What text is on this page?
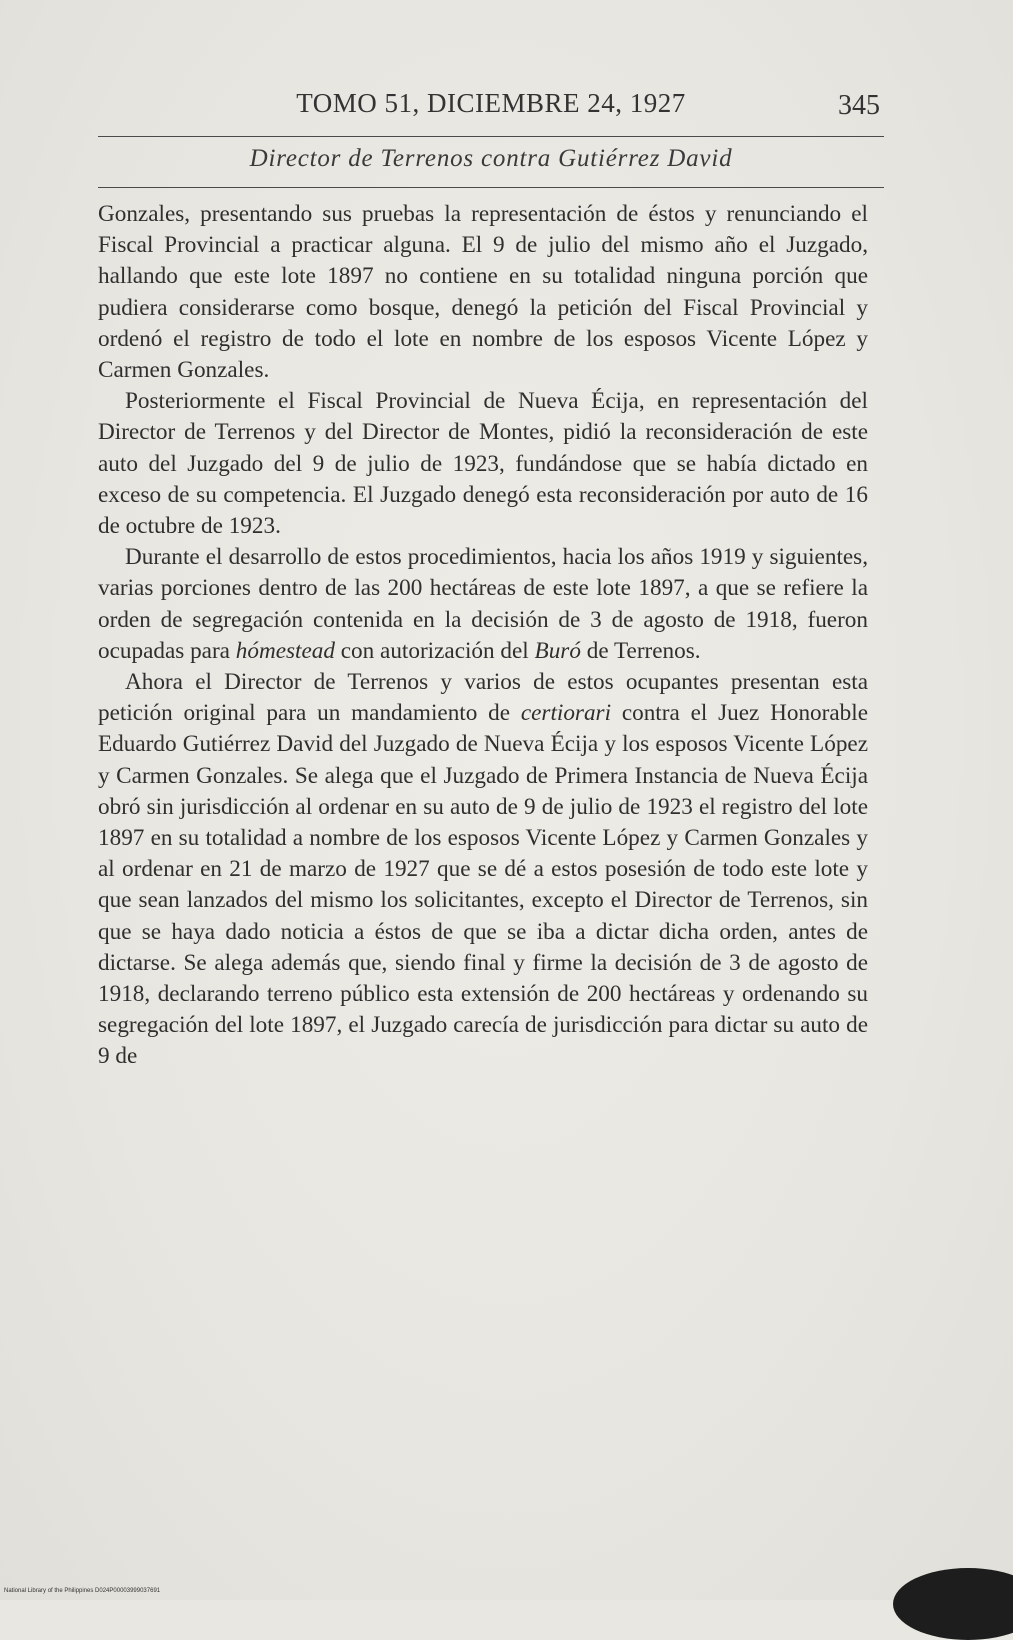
TOMO 51, DICIEMBRE 24, 1927	345
Director de Terrenos contra Gutiérrez David

Gonzales, presentando sus pruebas la representación de éstos y renunciando el Fiscal Provincial a practicar alguna. El 9 de julio del mismo año el Juzgado, hallando que este lote 1897 no contiene en su totalidad ninguna porción que pudiera considerarse como bosque, denegó la petición del Fiscal Provincial y ordenó el registro de todo el lote en nombre de los esposos Vicente López y Carmen Gonzales.

Posteriormente el Fiscal Provincial de Nueva Écija, en representación del Director de Terrenos y del Director de Montes, pidió la reconsideración de este auto del Juzgado del 9 de julio de 1923, fundándose que se había dictado en exceso de su competencia. El Juzgado denegó esta reconsideración por auto de 16 de octubre de 1923.

Durante el desarrollo de estos procedimientos, hacia los años 1919 y siguientes, varias porciones dentro de las 200 hectáreas de este lote 1897, a que se refiere la orden de segregación contenida en la decisión de 3 de agosto de 1918, fueron ocupadas para hómestead con autorización del Buró de Terrenos.

Ahora el Director de Terrenos y varios de estos ocupantes presentan esta petición original para un mandamiento de certiorari contra el Juez Honorable Eduardo Gutiérrez David del Juzgado de Nueva Écija y los esposos Vicente López y Carmen Gonzales. Se alega que el Juzgado de Primera Instancia de Nueva Écija obró sin jurisdicción al ordenar en su auto de 9 de julio de 1923 el registro del lote 1897 en su totalidad a nombre de los esposos Vicente López y Carmen Gonzales y al ordenar en 21 de marzo de 1927 que se dé a estos posesión de todo este lote y que sean lanzados del mismo los solicitantes, excepto el Director de Terrenos, sin que se haya dado noticia a éstos de que se iba a dictar dicha orden, antes de dictarse. Se alega además que, siendo final y firme la decisión de 3 de agosto de 1918, declarando terreno público esta extensión de 200 hectáreas y ordenando su segregación del lote 1897, el Juzgado carecía de jurisdicción para dictar su auto de 9 de

National Library of the Philippines D024P00003999037691
